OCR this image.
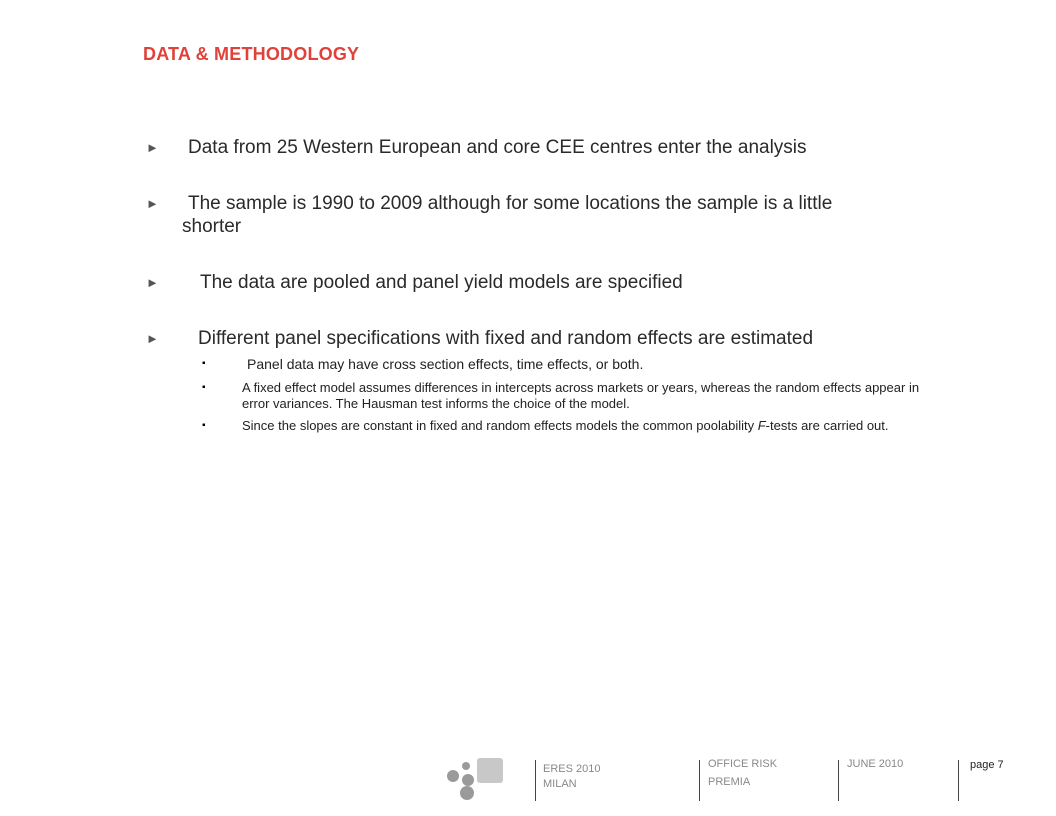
DATA & METHODOLOGY
► Data from 25 Western European and core CEE centres enter the analysis
► The sample is 1990 to 2009 although for some locations the sample is a little
shorter
► The data are pooled and panel yield models are specified
► Different panel specifications with fixed and random effects are estimated
▪	Panel data may have cross section effects, time effects, or both.
▪	A fixed effect model assumes differences in intercepts across markets or years, whereas the random effects appear in error variances. The Hausman test informs the choice of the model.
▪	Since the slopes are constant in fixed and random effects models the common poolability F-tests are carried out.
ERES 2010
MILAN
OFFICE RISK
PREMIA
JUNE 2010	page 7
